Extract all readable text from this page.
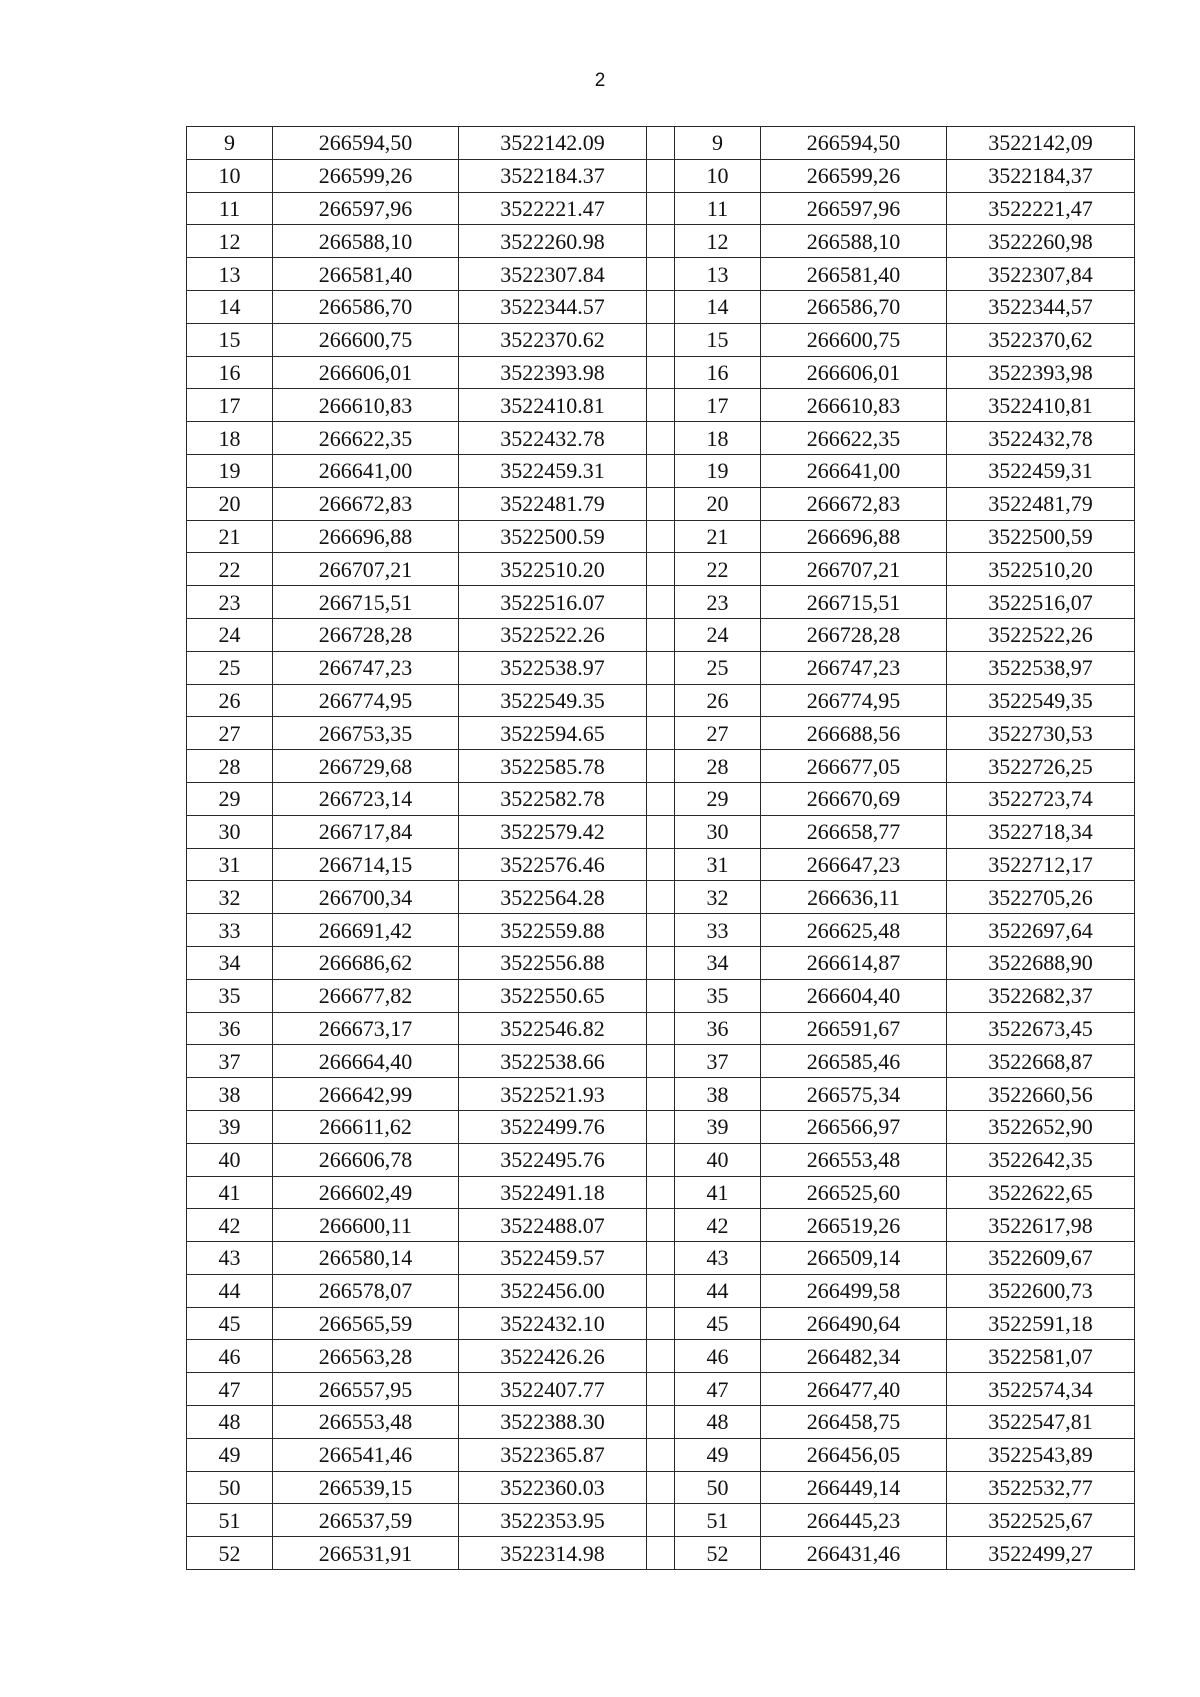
2
9	266594,50	3522142.09		9	266594,50	3522142,09
10	266599,26	3522184.37		10	266599,26	3522184,37
11	266597,96	3522221.47		11	266597,96	3522221,47
12	266588,10	3522260.98		12	266588,10	3522260,98
13	266581,40	3522307.84		13	266581,40	3522307,84
14	266586,70	3522344.57		14	266586,70	3522344,57
15	266600,75	3522370.62		15	266600,75	3522370,62
16	266606,01	3522393.98		16	266606,01	3522393,98
17	266610,83	3522410.81		17	266610,83	3522410,81
18	266622,35	3522432.78		18	266622,35	3522432,78
19	266641,00	3522459.31		19	266641,00	3522459,31
20	266672,83	3522481.79		20	266672,83	3522481,79
21	266696,88	3522500.59		21	266696,88	3522500,59
22	266707,21	3522510.20		22	266707,21	3522510,20
23	266715,51	3522516.07		23	266715,51	3522516,07
24	266728,28	3522522.26		24	266728,28	3522522,26
25	266747,23	3522538.97		25	266747,23	3522538,97
26	266774,95	3522549.35		26	266774,95	3522549,35
27	266753,35	3522594.65		27	266688,56	3522730,53
28	266729,68	3522585.78		28	266677,05	3522726,25
29	266723,14	3522582.78		29	266670,69	3522723,74
30	266717,84	3522579.42		30	266658,77	3522718,34
31	266714,15	3522576.46		31	266647,23	3522712,17
32	266700,34	3522564.28		32	266636,11	3522705,26
33	266691,42	3522559.88		33	266625,48	3522697,64
34	266686,62	3522556.88		34	266614,87	3522688,90
35	266677,82	3522550.65		35	266604,40	3522682,37
36	266673,17	3522546.82		36	266591,67	3522673,45
37	266664,40	3522538.66		37	266585,46	3522668,87
38	266642,99	3522521.93		38	266575,34	3522660,56
39	266611,62	3522499.76		39	266566,97	3522652,90
40	266606,78	3522495.76		40	266553,48	3522642,35
41	266602,49	3522491.18		41	266525,60	3522622,65
42	266600,11	3522488.07		42	266519,26	3522617,98
43	266580,14	3522459.57		43	266509,14	3522609,67
44	266578,07	3522456.00		44	266499,58	3522600,73
45	266565,59	3522432.10		45	266490,64	3522591,18
46	266563,28	3522426.26		46	266482,34	3522581,07
47	266557,95	3522407.77		47	266477,40	3522574,34
48	266553,48	3522388.30		48	266458,75	3522547,81
49	266541,46	3522365.87		49	266456,05	3522543,89
50	266539,15	3522360.03		50	266449,14	3522532,77
51	266537,59	3522353.95		51	266445,23	3522525,67
52	266531,91	3522314.98		52	266431,46	3522499,27
